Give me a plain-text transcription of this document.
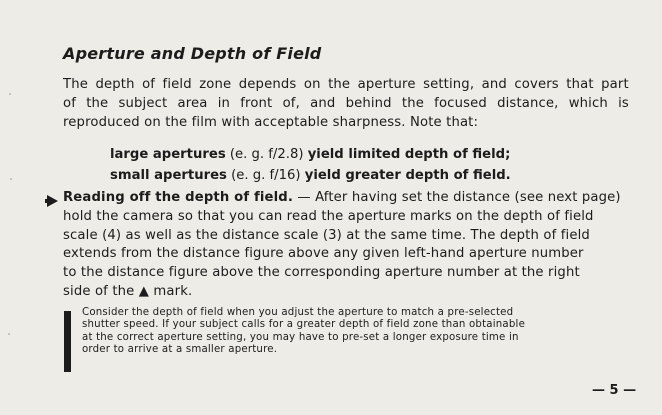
Aperture and Depth of Field
The depth of field zone depends on the aperture setting, and covers that part
of the subject area in front of, and behind the focused distance, which is
reproduced on the film with acceptable sharpness. Note that:
large apertures (e. g. f/2.8) yield limited depth of field;
small apertures (e. g. f/16) yield greater depth of field.
Reading off the depth of field. — After having set the distance (see next page)
hold the camera so that you can read the aperture marks on the depth of field
scale (4) as well as the distance scale (3) at the same time. The depth of field
extends from the distance figure above any given left-hand aperture number
to the distance figure above the corresponding aperture number at the right
side of the ▲ mark.
Consider the depth of field when you adjust the aperture to match a pre-selected
shutter speed. If your subject calls for a greater depth of field zone than obtainable
at the correct aperture setting, you may have to pre-set a longer exposure time in
order to arrive at a smaller aperture.
— 5 —
